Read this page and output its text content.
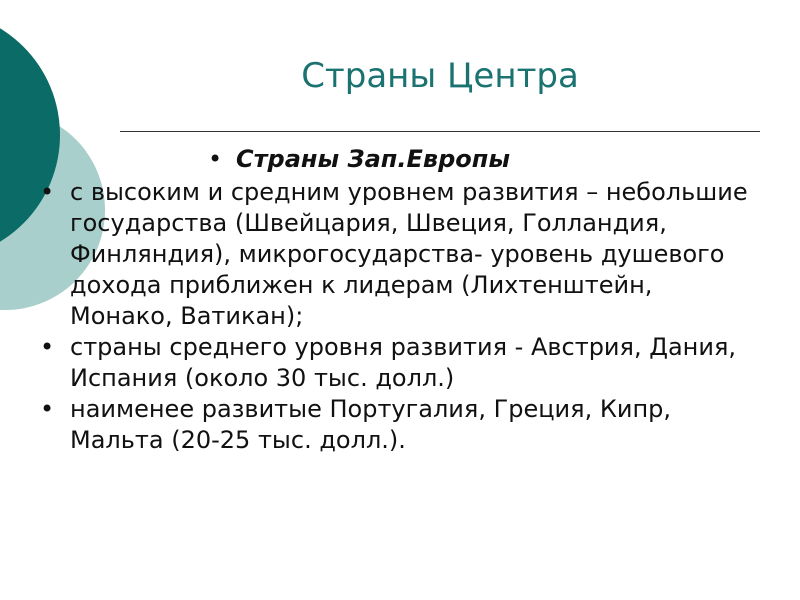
Страны Центра
• Страны Зап.Европы
• с высоким и средним уровнем развития – небольшие государства (Швейцария, Швеция, Голландия, Финляндия), микрогосударства- уровень душевого дохода приближен к лидерам (Лихтенштейн, Монако, Ватикан);
• страны среднего уровня развития - Австрия, Дания, Испания (около 30 тыс. долл.)
• наименее развитые Португалия, Греция, Кипр, Мальта (20-25 тыс. долл.).
